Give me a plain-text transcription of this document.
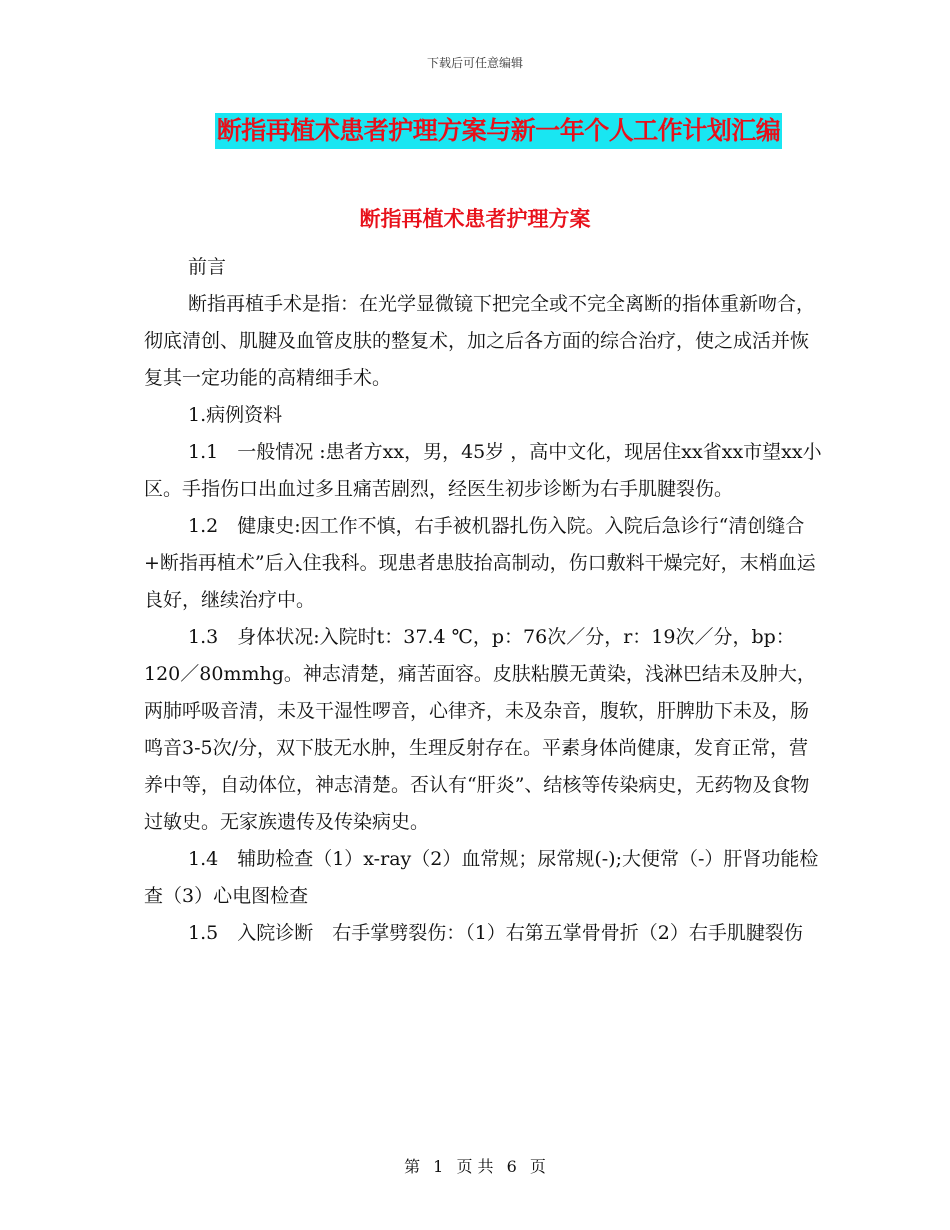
下载后可任意编辑
断指再植术患者护理方案与新一年个人工作计划汇编
断指再植术患者护理方案

前言

断指再植手术是指：在光学显微镜下把完全或不完全离断的指体重新吻合，彻底清创、肌腱及血管皮肤的整复术，加之后各方面的综合治疗，使之成活并恢复其一定功能的高精细手术。

1.病例资料

1.1　一般情况 :患者方xx，男，45岁 ，高中文化，现居住xx省xx市望xx小区。手指伤口出血过多且痛苦剧烈，经医生初步诊断为右手肌腱裂伤。

1.2　健康史:因工作不慎，右手被机器扎伤入院。入院后急诊行“清创缝合+断指再植术”后入住我科。现患者患肢抬高制动，伤口敷料干燥完好，末梢血运良好，继续治疗中。

1.3　身体状况:入院时t：37.4 ℃，p：76次／分，r：19次／分，bp：120／80mmhg。神志清楚，痛苦面容。皮肤粘膜无黄染，浅淋巴结未及肿大，两肺呼吸音清，未及干湿性啰音，心律齐，未及杂音，腹软，肝脾肋下未及，肠鸣音3-5次/分，双下肢无水肿，生理反射存在。平素身体尚健康，发育正常，营养中等，自动体位，神志清楚。否认有“肝炎”、结核等传染病史，无药物及食物过敏史。无家族遗传及传染病史。

1.4　辅助检查（1）x-ray（2）血常规；尿常规(-);大便常（-）肝肾功能检查（3）心电图检查

1.5　入院诊断　右手掌劈裂伤：（1）右第五掌骨骨折（2）右手肌腱裂伤

第 1 页 共 6 页
